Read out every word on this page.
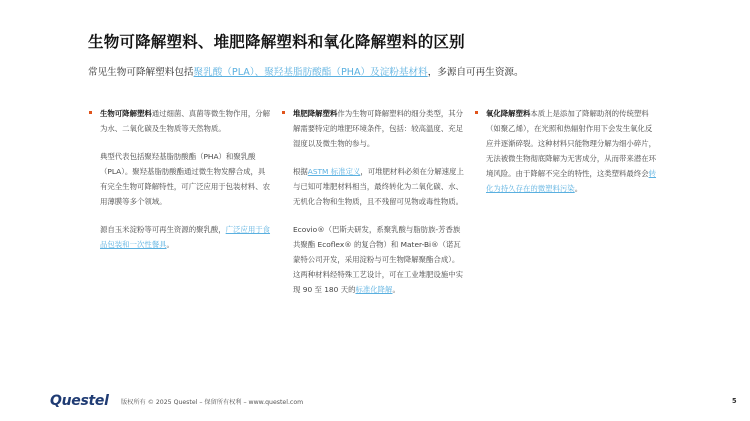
生物可降解塑料、堆肥降解塑料和氧化降解塑料的区别

常见生物可降解塑料包括聚乳酸（PLA）、聚羟基脂肪酸酯（PHA）及淀粉基材料，多源自可再生资源。

生物可降解塑料通过细菌、真菌等微生物作用，分解为水、二氧化碳及生物质等天然物质。

典型代表包括聚羟基脂肪酸酯（PHA）和聚乳酸（PLA）。聚羟基脂肪酸酯通过微生物发酵合成，具有完全生物可降解特性，可广泛应用于包装材料、农用薄膜等多个领域。

源自玉米淀粉等可再生资源的聚乳酸，广泛应用于食品包装和一次性餐具。

堆肥降解塑料作为生物可降解塑料的细分类型，其分解需要特定的堆肥环境条件，包括：较高温度、充足湿度以及微生物的参与。

根据ASTM 标准定义，可堆肥材料必须在分解速度上与已知可堆肥材料相当，最终转化为二氧化碳、水、无机化合物和生物质，且不残留可见物或毒性物质。

Ecovio®（巴斯夫研发，系聚乳酸与脂肪族-芳香族共聚酯 Ecoflex® 的复合物）和 Mater-Bi®（诺瓦蒙特公司开发，采用淀粉与可生物降解聚酯合成）。这两种材料经特殊工艺设计，可在工业堆肥设施中实现 90 至 180 天的标准化降解。

氧化降解塑料本质上是添加了降解助剂的传统塑料（如聚乙烯），在光照和热辐射作用下会发生氧化反应并逐渐碎裂。这种材料只能物理分解为细小碎片，无法被微生物彻底降解为无害成分，从而带来潜在环境风险。由于降解不完全的特性，这类塑料最终会转化为持久存在的微塑料污染。

Questel 版权所有 © 2025 Questel – 保留所有权利 – www.questel.com	5
